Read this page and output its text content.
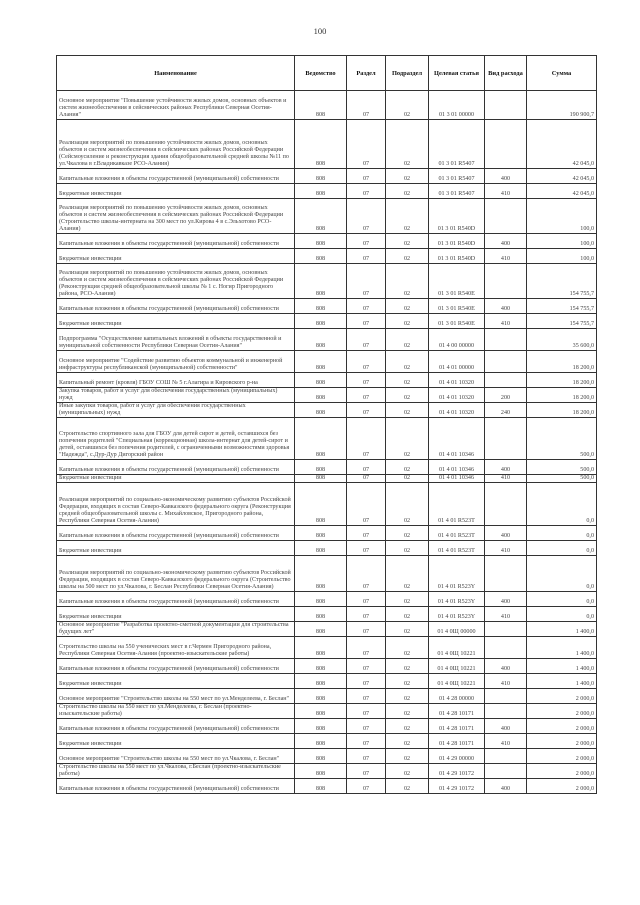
100
Наименование	Ведомство	Раздел	Подраздел	Целевая статья	Вид расхода	Сумма
Основное мероприятие "Повышение устойчивости жилых домов, основных объектов и систем жизнеобеспечения в сейсмических районах Республики Северная Осетия-Алания"	808	07	02	01 3 01 00000		190 900,7
Реализация мероприятий по повышению устойчивости жилых домов, основных объектов и систем жизнеобеспечения в сейсмических районах Российской Федерации (Сейсмоусиление и реконструкция здания общеобразовательной средней школы №11 по ул.Чкалова в г.Владикавказе РСО-Алания)	808	07	02	01 3 01 R5407		42 045,0
Капитальные вложения в объекты государственной (муниципальной) собственности	808	07	02	01 3 01 R5407	400	42 045,0
Бюджетные инвестиции	808	07	02	01 3 01 R5407	410	42 045,0
Реализация мероприятий по повышению устойчивости жилых домов, основных объектов и систем жизнеобеспечения в сейсмических районах Российской Федерации (Строительство школы-интерната на 300 мест по ул.Кирова 4 в с.Эльхотово РСО-Алания)	808	07	02	01 3 01 R540D		100,0
Капитальные вложения в объекты государственной (муниципальной) собственности	808	07	02	01 3 01 R540D	400	100,0
Бюджетные инвестиции	808	07	02	01 3 01 R540D	410	100,0
Реализация мероприятий по повышению устойчивости жилых домов, основных объектов и систем жизнеобеспечения в сейсмических районах Российской Федерации (Реконструкция средней общеобразовательной школы № 1 с. Ногир Пригородного района, РСО-Алания)	808	07	02	01 3 01 R540E		154 755,7
Капитальные вложения в объекты государственной (муниципальной) собственности	808	07	02	01 3 01 R540E	400	154 755,7
Бюджетные инвестиции	808	07	02	01 3 01 R540E	410	154 755,7
Подпрограмма "Осуществление капитальных вложений в объекты государственной и муниципальной собственности Республики Северная Осетия-Алания"	808	07	02	01 4 00 00000		35 600,0
Основное мероприятие "Содействие развитию объектов коммунальной и инженерной инфраструктуры республиканской (муниципальной) собственности"	808	07	02	01 4 01 00000		18 200,0
Капитальный ремонт (кровля) ГБОУ СОШ № 5 г.Алагира и Кировского р-на	808	07	02	01 4 01 10320		18 200,0
Закупка товаров, работ и услуг для обеспечения государственных (муниципальных) нужд	808	07	02	01 4 01 10320	200	18 200,0
Иные закупки товаров, работ и услуг для обеспечения государственных (муниципальных) нужд	808	07	02	01 4 01 10320	240	18 200,0
Строительство спортивного зала для ГБОУ для детей сирот и детей, оставшихся без попечения родителей "Специальная (коррекционная) школа-интернат для детей-сирот и детей, оставшихся без попечения родителей, с ограниченными возможностями здоровья "Надежда", с.Дур-Дур Дигорский район	808	07	02	01 4 01 10346		500,0
Капитальные вложения в объекты государственной (муниципальной) собственности	808	07	02	01 4 01 10346	400	500,0
Бюджетные инвестиции	808	07	02	01 4 01 10346	410	500,0
Реализация мероприятий по социально-экономическому развитию субъектов Российской Федерации, входящих в состав Северо-Кавказского федерального округа (Реконструкция средней общеобразовательной школы с. Михайловское, Пригородного района, Республики Северная Осетия-Алания)	808	07	02	01 4 01 R523T		0,0
Капитальные вложения в объекты государственной (муниципальной) собственности	808	07	02	01 4 01 R523T	400	0,0
Бюджетные инвестиции	808	07	02	01 4 01 R523T	410	0,0
Реализация мероприятий по социально-экономическому развитию субъектов Российской Федерации, входящих в состав Северо-Кавказского федерального округа (Строительство школы на 500 мест по ул.Чкалова, г. Беслан Республики Северная Осетия-Алания)	808	07	02	01 4 01 R523Y		0,0
Капитальные вложения в объекты государственной (муниципальной) собственности	808	07	02	01 4 01 R523Y	400	0,0
Бюджетные инвестиции	808	07	02	01 4 01 R523Y	410	0,0
Основное мероприятие "Разработка проектно-сметной документации для строительства будущих лет"	808	07	02	01 4 0Щ 00000		1 400,0
Строительство школы на 550 ученических мест в г.Чермен Пригородного района, Республики Северная Осетия-Алания (проектно-изыскательские работы)	808	07	02	01 4 0Щ 10221		1 400,0
Капитальные вложения в объекты государственной (муниципальной) собственности	808	07	02	01 4 0Щ 10221	400	1 400,0
Бюджетные инвестиции	808	07	02	01 4 0Щ 10221	410	1 400,0
Основное мероприятие "Строительство школы на 550 мест по ул.Менделеева, г. Беслан"	808	07	02	01 4 28 00000		2 000,0
Строительство школы на 550 мест по ул.Менделеева, г. Беслан (проектно-изыскательские работы)	808	07	02	01 4 28 10171		2 000,0
Капитальные вложения в объекты государственной (муниципальной) собственности	808	07	02	01 4 28 10171	400	2 000,0
Бюджетные инвестиции	808	07	02	01 4 28 10171	410	2 000,0
Основное мероприятие "Строительство школы на 550 мест по ул.Чкалова, г. Беслан"	808	07	02	01 4 29 00000		2 000,0
Строительство школы на 550 мест по ул.Чкалова, г.Беслан (проектно-изыскательские работы)	808	07	02	01 4 29 10172		2 000,0
Капитальные вложения в объекты государственной (муниципальной) собственности	808	07	02	01 4 29 10172	400	2 000,0
